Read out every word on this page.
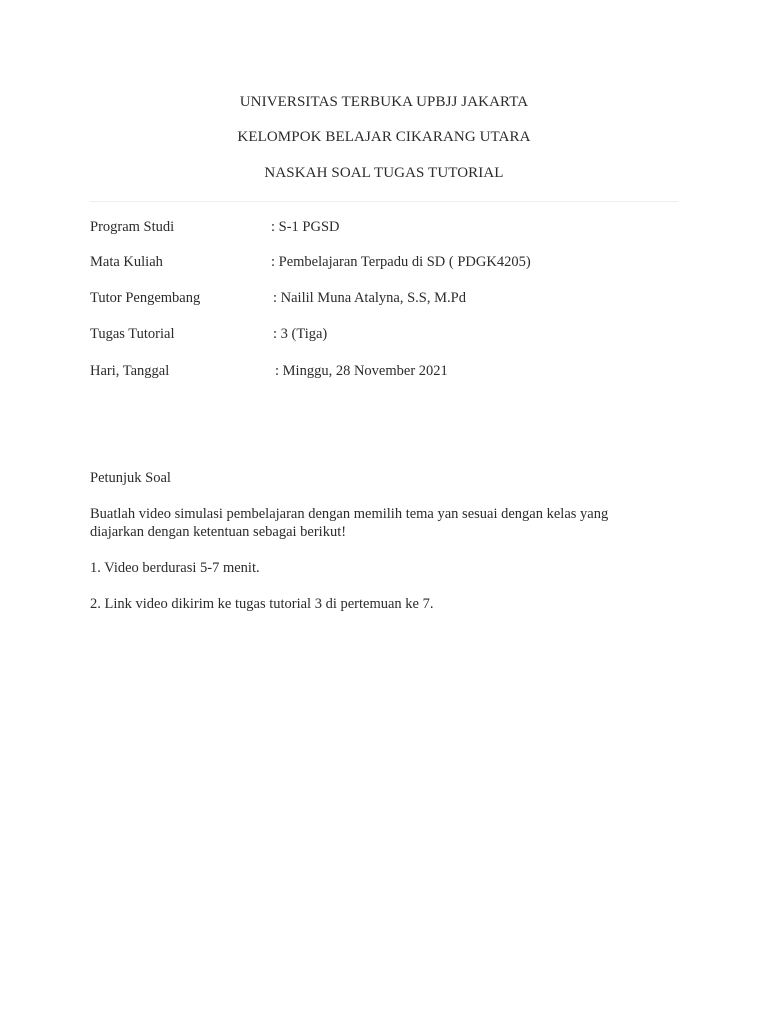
UNIVERSITAS TERBUKA UPBJJ JAKARTA
KELOMPOK BELAJAR CIKARANG UTARA
NASKAH SOAL TUGAS TUTORIAL
Program Studi	: S-1 PGSD
Mata Kuliah	: Pembelajaran Terpadu di SD ( PDGK4205)
Tutor Pengembang	: Nailil Muna Atalyna, S.S, M.Pd
Tugas Tutorial	: 3 (Tiga)
Hari, Tanggal	: Minggu, 28 November 2021
Petunjuk Soal
Buatlah video simulasi pembelajaran dengan memilih tema yan sesuai dengan kelas yang
diajarkan dengan ketentuan sebagai berikut!
1. Video berdurasi 5-7 menit.
2. Link video dikirim ke tugas tutorial 3 di pertemuan ke 7.
